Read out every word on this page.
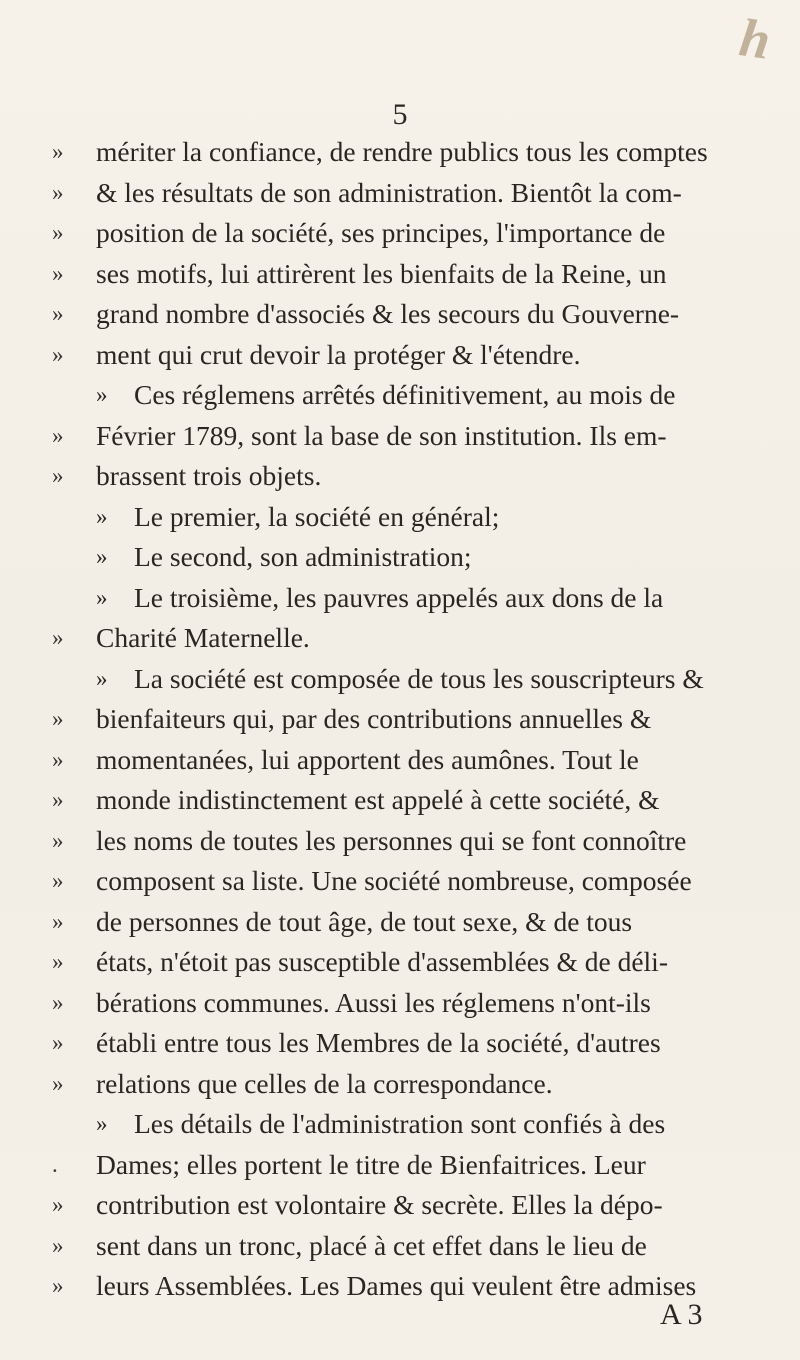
h
5
» mériter la confiance, de rendre publics tous les comptes
» & les résultats de son administration. Bientôt la com-
» position de la société, ses principes, l'importance de
» ses motifs, lui attirèrent les bienfaits de la Reine, un
» grand nombre d'associés & les secours du Gouverne-
» ment qui crut devoir la protéger & l'étendre.
» Ces réglemens arrêtés définitivement, au mois de
» Février 1789, sont la base de son institution. Ils em-
» brassent trois objets.
» Le premier, la société en général;
» Le second, son administration;
» Le troisième, les pauvres appelés aux dons de la
» Charité Maternelle.
» La société est composée de tous les souscripteurs &
» bienfaiteurs qui, par des contributions annuelles &
» momentanées, lui apportent des aumônes. Tout le
» monde indistinctement est appelé à cette société, &
» les noms de toutes les personnes qui se font connoître
» composent sa liste. Une société nombreuse, composée
» de personnes de tout âge, de tout sexe, & de tous
» états, n'étoit pas susceptible d'assemblées & de déli-
» bérations communes. Aussi les réglemens n'ont-ils
» établi entre tous les Membres de la société, d'autres
» relations que celles de la correspondance.
» Les détails de l'administration sont confiés à des
. Dames; elles portent le titre de Bienfaitrices. Leur
» contribution est volontaire & secrète. Elles la dépo-
» sent dans un tronc, placé à cet effet dans le lieu de
» leurs Assemblées. Les Dames qui veulent être admises
A 3
